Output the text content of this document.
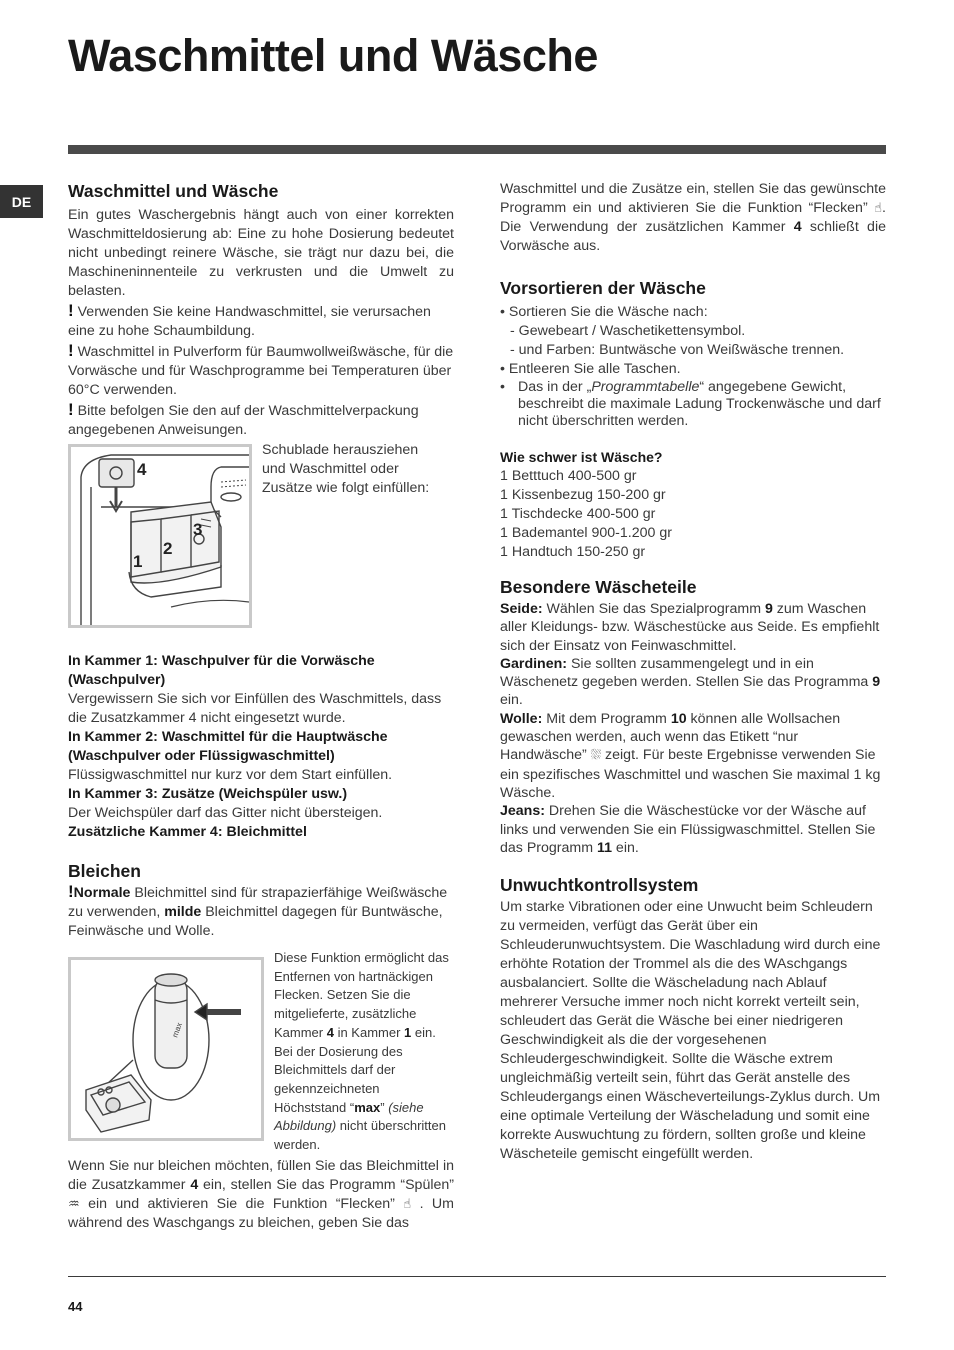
Waschmittel und Wäsche
DE
Waschmittel und Wäsche

Ein gutes Waschergebnis hängt auch von einer korrekten Waschmitteldosierung ab: Eine zu hohe Dosierung bedeutet nicht unbedingt reinere Wäsche, sie trägt nur dazu bei, die Maschineninnenteile zu verkrusten und die Umwelt zu belasten.

! Verwenden Sie keine Handwaschmittel, sie verursachen eine zu hohe Schaumbildung.

! Waschmittel in Pulverform für Baumwollweißwäsche, für die Vorwäsche und für Waschprogramme bei Temperaturen über 60°C verwenden.

! Bitte befolgen Sie den auf der Waschmittelverpackung angegebenen Anweisungen.

4
1
2
3

Schublade herausziehen und Waschmittel oder Zusätze wie folgt einfüllen:

In Kammer 1: Waschpulver für die Vorwäsche (Waschpulver)

Vergewissern Sie sich vor Einfüllen des Waschmittels, dass die Zusatzkammer 4 nicht eingesetzt wurde.

In Kammer 2: Waschmittel für die Hauptwäsche (Waschpulver oder Flüssigwaschmittel)

Flüssigwaschmittel nur kurz vor dem Start einfüllen.

In Kammer 3: Zusätze (Weichspüler usw.)

Der Weichspüler darf das Gitter nicht übersteigen.

Zusätzliche Kammer 4: Bleichmittel

Bleichen

!Normale Bleichmittel sind für strapazierfähige Weißwäsche zu verwenden, milde Bleichmittel dagegen für Buntwäsche, Feinwäsche und Wolle.

max

Diese Funktion ermöglicht das Entfernen von hartnäckigen Flecken. Setzen Sie die mitgelieferte, zusätzliche Kammer 4 in Kammer 1 ein. Bei der Dosierung des Bleichmittels darf der gekennzeichneten Höchststand “max” (siehe Abbildung) nicht überschritten werden.

Wenn Sie nur bleichen möchten, füllen Sie das Bleichmittel in die Zusatzkammer 4 ein, stellen Sie das Programm “Spülen” ♒ ein und aktivieren Sie die Funktion “Flecken” ☝ . Um während des Waschgangs zu bleichen, geben Sie das

Waschmittel und die Zusätze ein, stellen Sie das gewünschte Programm ein und aktivieren Sie die Funktion “Flecken” ☝. Die Verwendung der zusätzlichen Kammer 4 schließt die Vorwäsche aus.

Vorsortieren der Wäsche
• Sortieren Sie die Wäsche nach:
- Gewebeart / Waschetikettensymbol.
- und Farben: Buntwäsche von Weißwäsche trennen.
• Entleeren Sie alle Taschen.
• Das in der „Programmtabelle“ angegebene Gewicht, beschreibt die maximale Ladung Trockenwäsche und darf nicht überschritten werden.

Wie schwer ist Wäsche?

1 Betttuch 400-500 gr
1 Kissenbezug 150-200 gr
1 Tischdecke 400-500 gr
1 Bademantel 900-1.200 gr
1 Handtuch 150-250 gr
Besondere Wäscheteile

Seide: Wählen Sie das Spezialprogramm 9 zum Waschen aller Kleidungs- bzw. Wäschestücke aus Seide. Es empfiehlt sich der Einsatz von Feinwaschmittel.

Gardinen: Sie sollten zusammengelegt und in ein Wäschenetz gegeben werden. Stellen Sie das Programma 9 ein.

Wolle: Mit dem Programm 10 können alle Wollsachen gewaschen werden, auch wenn das Etikett “nur Handwäsche” ⛆ zeigt. Für beste Ergebnisse verwenden Sie ein spezifisches Waschmittel und waschen Sie maximal 1 kg Wäsche.

Jeans: Drehen Sie die Wäschestücke vor der Wäsche auf links und verwenden Sie ein Flüssigwaschmittel. Stellen Sie das Programm 11 ein.

Unwuchtkontrollsystem

Um starke Vibrationen oder eine Unwucht beim Schleudern zu vermeiden, verfügt das Gerät über ein Schleuderunwuchtsystem. Die Waschladung wird durch eine erhöhte Rotation der Trommel als die des WAschgangs ausbalanciert. Sollte die Wäscheladung nach Ablauf mehrerer Versuche immer noch nicht korrekt verteilt sein, schleudert das Gerät die Wäsche bei einer niedrigeren Geschwindigkeit als die der vorgesehenen Schleudergeschwindigkeit. Sollte die Wäsche extrem ungleichmäßig verteilt sein, führt das Gerät anstelle des Schleudergangs einen Wäscheverteilungs-Zyklus durch. Um eine optimale Verteilung der Wäscheladung und somit eine korrekte Auswuchtung zu fördern, sollten große und kleine Wäscheteile gemischt eingefüllt werden.

44
